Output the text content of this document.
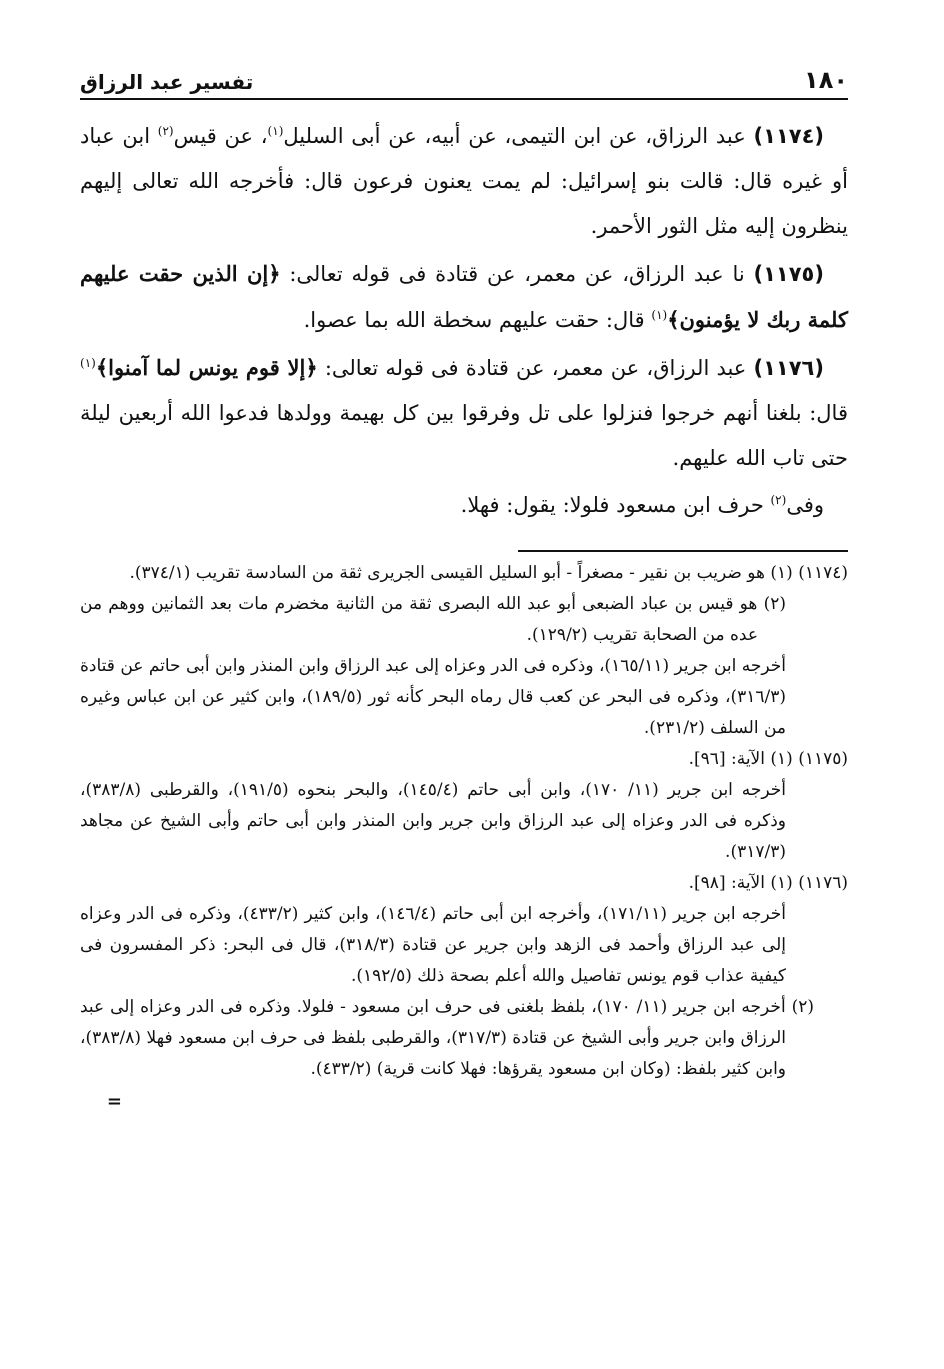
١٨٠
تفسير عبد الرزاق

(١١٧٤) عبد الرزاق، عن ابن التيمى، عن أبيه، عن أبى السليل$^{(١)}$، عن قيس$^{(٢)}$ ابن عباد أو غيره قال: قالت بنو إسرائيل: لم يمت يعنون فرعون قال: فأخرجه الله تعالى إليهم ينظرون إليه مثل الثور الأحمر.

(١١٧٥) نا عبد الرزاق، عن معمر، عن قتادة فى قوله تعالى: ﴿إن الذين حقت عليهم كلمة ربك لا يؤمنون﴾$^{(١)}$ قال: حقت عليهم سخطة الله بما عصوا.

(١١٧٦) عبد الرزاق، عن معمر، عن قتادة فى قوله تعالى: ﴿إلا قوم يونس لما آمنوا﴾$^{(١)}$ قال: بلغنا أنهم خرجوا فنزلوا على تل وفرقوا بين كل بهيمة وولدها فدعوا الله أربعين ليلة حتى تاب الله عليهم.

وفى$^{(٢)}$ حرف ابن مسعود فلولا: يقول: فهلا.

(١١٧٤) (١) هو ضريب بن نقير - مصغراً - أبو السليل القيسى الجريرى ثقة من السادسة تقريب (٣٧٤/١).
(٢) هو قيس بن عباد الضبعى أبو عبد الله البصرى ثقة من الثانية مخضرم مات بعد الثمانين ووهم من عده من الصحابة تقريب (١٢٩/٢).
أخرجه ابن جرير (١٦٥/١١)، وذكره فى الدر وعزاه إلى عبد الرزاق وابن المنذر وابن أبى حاتم عن قتادة (٣١٦/٣)، وذكره فى البحر عن كعب قال رماه البحر كأنه ثور (١٨٩/٥)، وابن كثير عن ابن عباس وغيره من السلف (٢٣١/٢).
(١١٧٥) (١) الآية: [٩٦].
أخرجه ابن جرير (١١/ ١٧٠)، وابن أبى حاتم (١٤٥/٤)، والبحر بنحوه (١٩١/٥)، والقرطبى (٣٨٣/٨)، وذكره فى الدر وعزاه إلى عبد الرزاق وابن جرير وابن المنذر وابن أبى حاتم وأبى الشيخ عن مجاهد (٣١٧/٣).
(١١٧٦) (١) الآية: [٩٨].
أخرجه ابن جرير (١٧١/١١)، وأخرجه ابن أبى حاتم (١٤٦/٤)، وابن كثير (٤٣٣/٢)، وذكره فى الدر وعزاه إلى عبد الرزاق وأحمد فى الزهد وابن جرير عن قتادة (٣١٨/٣)، قال فى البحر: ذكر المفسرون فى كيفية عذاب قوم يونس تفاصيل والله أعلم بصحة ذلك (١٩٢/٥).
(٢) أخرجه ابن جرير (١١/ ١٧٠)، بلفظ بلغنى فى حرف ابن مسعود - فلولا. وذكره فى الدر وعزاه إلى عبد الرزاق وابن جرير وأبى الشيخ عن قتادة (٣١٧/٣)، والقرطبى بلفظ فى حرف ابن مسعود فهلا (٣٨٣/٨)، وابن كثير بلفظ: (وكان ابن مسعود يقرؤها: فهلا كانت قرية) (٤٣٣/٢).
=
